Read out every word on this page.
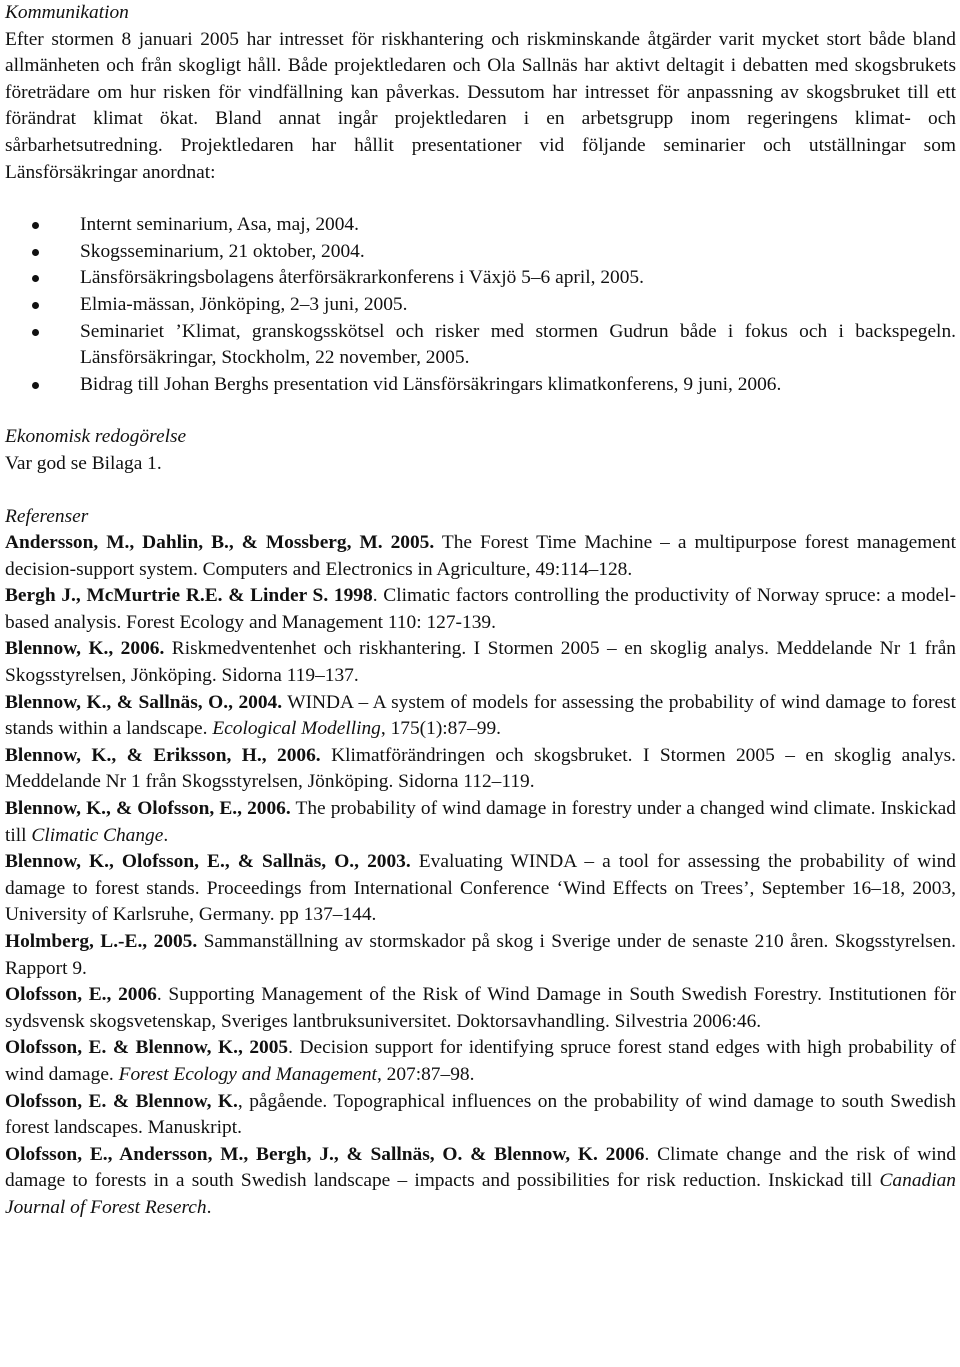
Kommunikation

Efter stormen 8 januari 2005 har intresset för riskhantering och riskminskande åtgärder varit mycket stort både bland allmänheten och från skogligt håll. Både projektledaren och Ola Sallnäs har aktivt deltagit i debatten med skogsbrukets företrädare om hur risken för vindfällning kan påverkas. Dessutom har intresset för anpassning av skogsbruket till ett förändrat klimat ökat. Bland annat ingår projektledaren i en arbetsgrupp inom regeringens klimat- och sårbarhetsutredning. Projektledaren har hållit presentationer vid följande seminarier och utställningar som Länsförsäkringar anordnat:

Internt seminarium, Asa, maj, 2004.
Skogsseminarium, 21 oktober, 2004.
Länsförsäkringsbolagens återförsäkrarkonferens i Växjö 5–6 april, 2005.
Elmia-mässan, Jönköping, 2–3 juni, 2005.
Seminariet ’Klimat, granskogsskötsel och risker med stormen Gudrun både i fokus och i backspegeln. Länsförsäkringar, Stockholm, 22 november, 2005.
Bidrag till Johan Berghs presentation vid Länsförsäkringars klimatkonferens, 9 juni, 2006.

Ekonomisk redogörelse

Var god se Bilaga 1.

Referenser

Andersson, M., Dahlin, B., & Mossberg, M. 2005. The Forest Time Machine – a multipurpose forest management decision-support system. Computers and Electronics in Agriculture, 49:114–128.

Bergh J., McMurtrie R.E. & Linder S. 1998. Climatic factors controlling the productivity of Norway spruce: a model-based analysis. Forest Ecology and Management 110: 127-139.

Blennow, K., 2006. Riskmedventenhet och riskhantering. I Stormen 2005 – en skoglig analys. Meddelande Nr 1 från Skogsstyrelsen, Jönköping. Sidorna 119–137.

Blennow, K., & Sallnäs, O., 2004. WINDA – A system of models for assessing the probability of wind damage to forest stands within a landscape. Ecological Modelling, 175(1):87–99.

Blennow, K., & Eriksson, H., 2006. Klimatförändringen och skogsbruket. I Stormen 2005 – en skoglig analys. Meddelande Nr 1 från Skogsstyrelsen, Jönköping. Sidorna 112–119.

Blennow, K., & Olofsson, E., 2006. The probability of wind damage in forestry under a changed wind climate. Inskickad till Climatic Change.

Blennow, K., Olofsson, E., & Sallnäs, O., 2003. Evaluating WINDA – a tool for assessing the probability of wind damage to forest stands. Proceedings from International Conference ‘Wind Effects on Trees’, September 16–18, 2003, University of Karlsruhe, Germany. pp 137–144.

Holmberg, L.-E., 2005. Sammanställning av stormskador på skog i Sverige under de senaste 210 åren. Skogsstyrelsen. Rapport 9.

Olofsson, E., 2006. Supporting Management of the Risk of Wind Damage in South Swedish Forestry. Institutionen för sydsvensk skogsvetenskap, Sveriges lantbruksuniversitet. Doktorsavhandling. Silvestria 2006:46.

Olofsson, E. & Blennow, K., 2005. Decision support for identifying spruce forest stand edges with high probability of wind damage. Forest Ecology and Management, 207:87–98.

Olofsson, E. & Blennow, K., pågående. Topographical influences on the probability of wind damage to south Swedish forest landscapes. Manuskript.

Olofsson, E., Andersson, M., Bergh, J., & Sallnäs, O. & Blennow, K. 2006. Climate change and the risk of wind damage to forests in a south Swedish landscape – impacts and possibilities for risk reduction. Inskickad till Canadian Journal of Forest Reserch.
